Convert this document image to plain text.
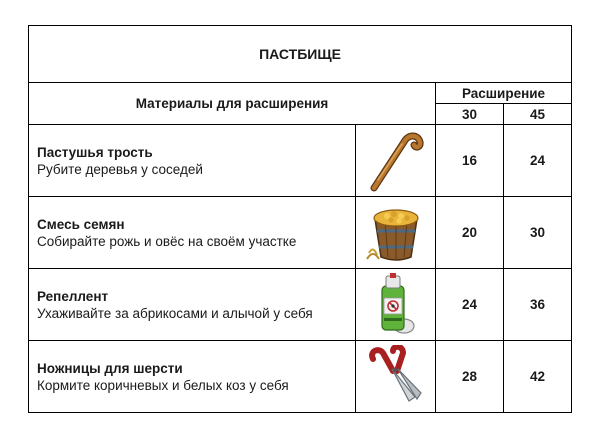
ПАСТБИЩЕ			
Материалы для расширения		Расширение	
		30	45

Пастушья трость
Рубите деревья у соседей		16	24

Смесь семян
Собирайте рожь и овёс на своём участке		20	30

Репеллент
Ухаживайте за абрикосами и алычой у себя		24	36

Ножницы для шерсти
Кормите коричневых и белых коз у себя		28	42
